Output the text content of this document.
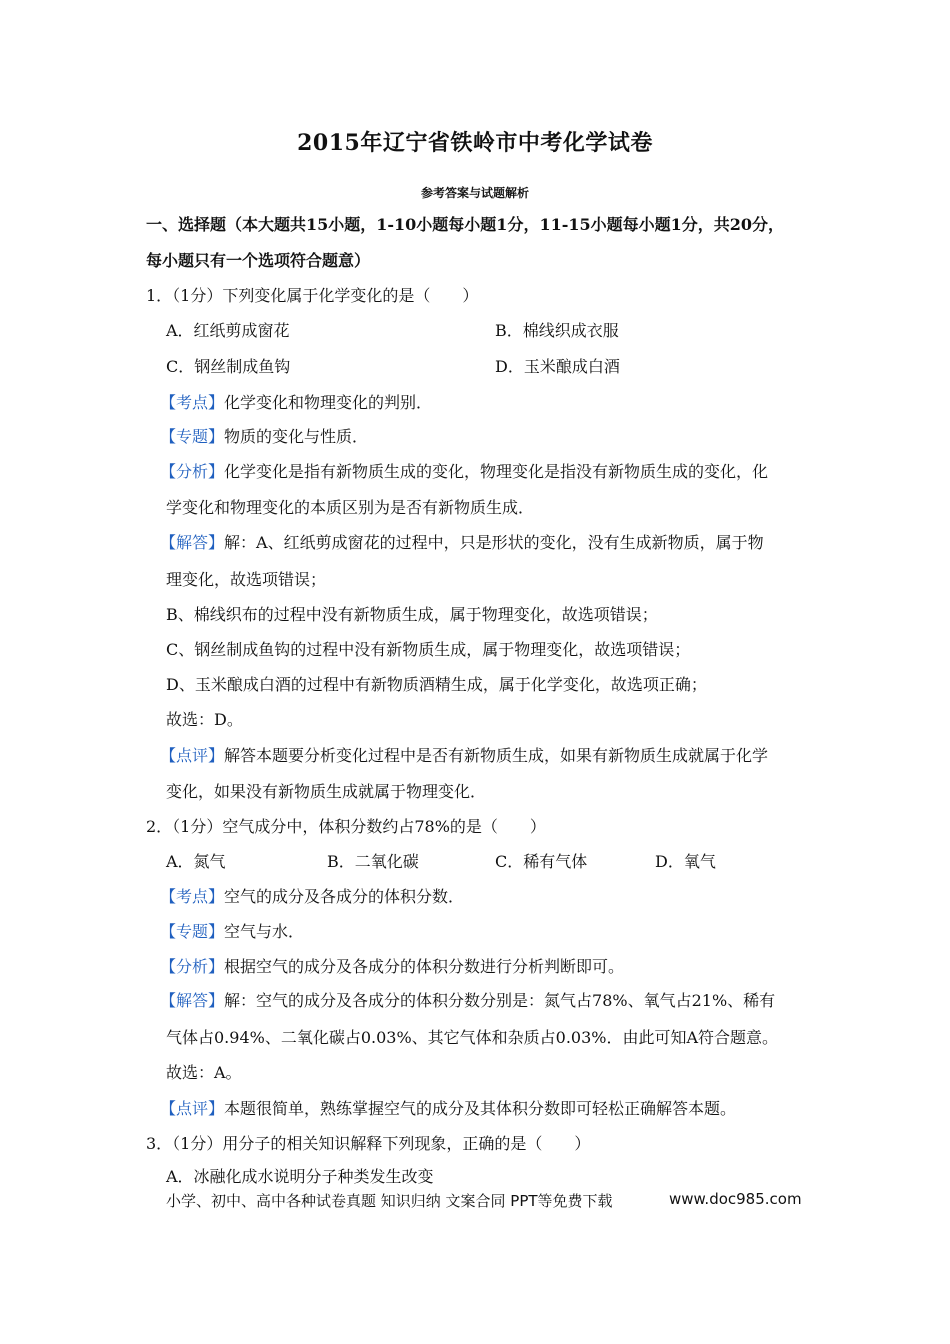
2015年辽宁省铁岭市中考化学试卷
参考答案与试题解析
一、选择题（本大题共15小题，1-10小题每小题1分，11-15小题每小题1分，共20分，
每小题只有一个选项符合题意）
1．（1分）下列变化属于化学变化的是（　　）
A．红纸剪成窗花	B．棉线织成衣服
C．钢丝制成鱼钩	D．玉米酿成白酒
【考点】化学变化和物理变化的判别．
【专题】物质的变化与性质．
【分析】化学变化是指有新物质生成的变化，物理变化是指没有新物质生成的变化，化
学变化和物理变化的本质区别为是否有新物质生成．
【解答】解：A、红纸剪成窗花的过程中，只是形状的变化，没有生成新物质，属于物
理变化，故选项错误；
B、棉线织布的过程中没有新物质生成，属于物理变化，故选项错误；
C、钢丝制成鱼钩的过程中没有新物质生成，属于物理变化，故选项错误；
D、玉米酿成白酒的过程中有新物质酒精生成，属于化学变化，故选项正确；
故选：D。
【点评】解答本题要分析变化过程中是否有新物质生成，如果有新物质生成就属于化学
变化，如果没有新物质生成就属于物理变化．
2．（1分）空气成分中，体积分数约占78%的是（　　）
A．氮气	B．二氧化碳	C．稀有气体	D．氧气
【考点】空气的成分及各成分的体积分数．
【专题】空气与水．
【分析】根据空气的成分及各成分的体积分数进行分析判断即可。
【解答】解：空气的成分及各成分的体积分数分别是：氮气占78%、氧气占21%、稀有
气体占0.94%、二氧化碳占0.03%、其它气体和杂质占0.03%．由此可知A符合题意。
故选：A。
【点评】本题很简单，熟练掌握空气的成分及其体积分数即可轻松正确解答本题。
3．（1分）用分子的相关知识解释下列现象，正确的是（　　）
A．冰融化成水说明分子种类发生改变
小学、初中、高中各种试卷真题 知识归纳 文案合同 PPT等免费下载	www.doc985.com
